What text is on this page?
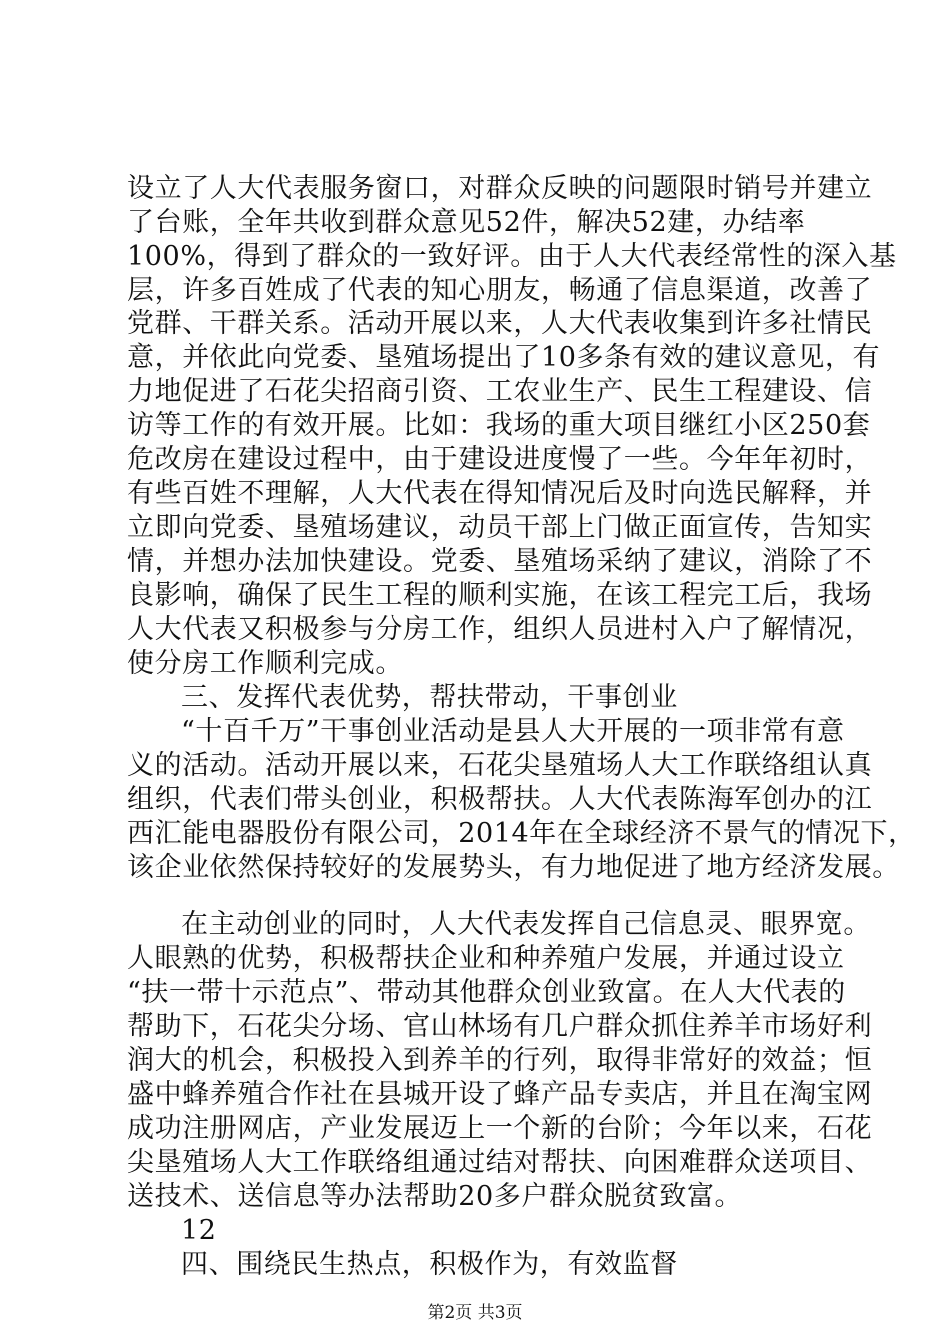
设立了人大代表服务窗口，对群众反映的问题限时销号并建立
了台账，全年共收到群众意见52件，解决52建，办结率
100%，得到了群众的一致好评。由于人大代表经常性的深入基
层，许多百姓成了代表的知心朋友，畅通了信息渠道，改善了
党群、干群关系。活动开展以来，人大代表收集到许多社情民
意，并依此向党委、垦殖场提出了10多条有效的建议意见，有
力地促进了石花尖招商引资、工农业生产、民生工程建设、信
访等工作的有效开展。比如：我场的重大项目继红小区250套
危改房在建设过程中，由于建设进度慢了一些。今年年初时，
有些百姓不理解，人大代表在得知情况后及时向选民解释，并
立即向党委、垦殖场建议，动员干部上门做正面宣传，告知实
情，并想办法加快建设。党委、垦殖场采纳了建议，消除了不
良影响，确保了民生工程的顺利实施，在该工程完工后，我场
人大代表又积极参与分房工作，组织人员进村入户了解情况，
使分房工作顺利完成。
三、发挥代表优势，帮扶带动，干事创业
“十百千万”干事创业活动是县人大开展的一项非常有意
义的活动。活动开展以来，石花尖垦殖场人大工作联络组认真
组织，代表们带头创业，积极帮扶。人大代表陈海军创办的江
西汇能电器股份有限公司，2014年在全球经济不景气的情况下，
该企业依然保持较好的发展势头，有力地促进了地方经济发展。
在主动创业的同时，人大代表发挥自己信息灵、眼界宽。
人眼熟的优势，积极帮扶企业和种养殖户发展，并通过设立
“扶一带十示范点”、带动其他群众创业致富。在人大代表的
帮助下，石花尖分场、官山林场有几户群众抓住养羊市场好利
润大的机会，积极投入到养羊的行列，取得非常好的效益；恒
盛中蜂养殖合作社在县城开设了蜂产品专卖店，并且在淘宝网
成功注册网店，产业发展迈上一个新的台阶；今年以来，石花
尖垦殖场人大工作联络组通过结对帮扶、向困难群众送项目、
送技术、送信息等办法帮助20多户群众脱贫致富。
12
四、围绕民生热点，积极作为，有效监督
第2页 共3页
